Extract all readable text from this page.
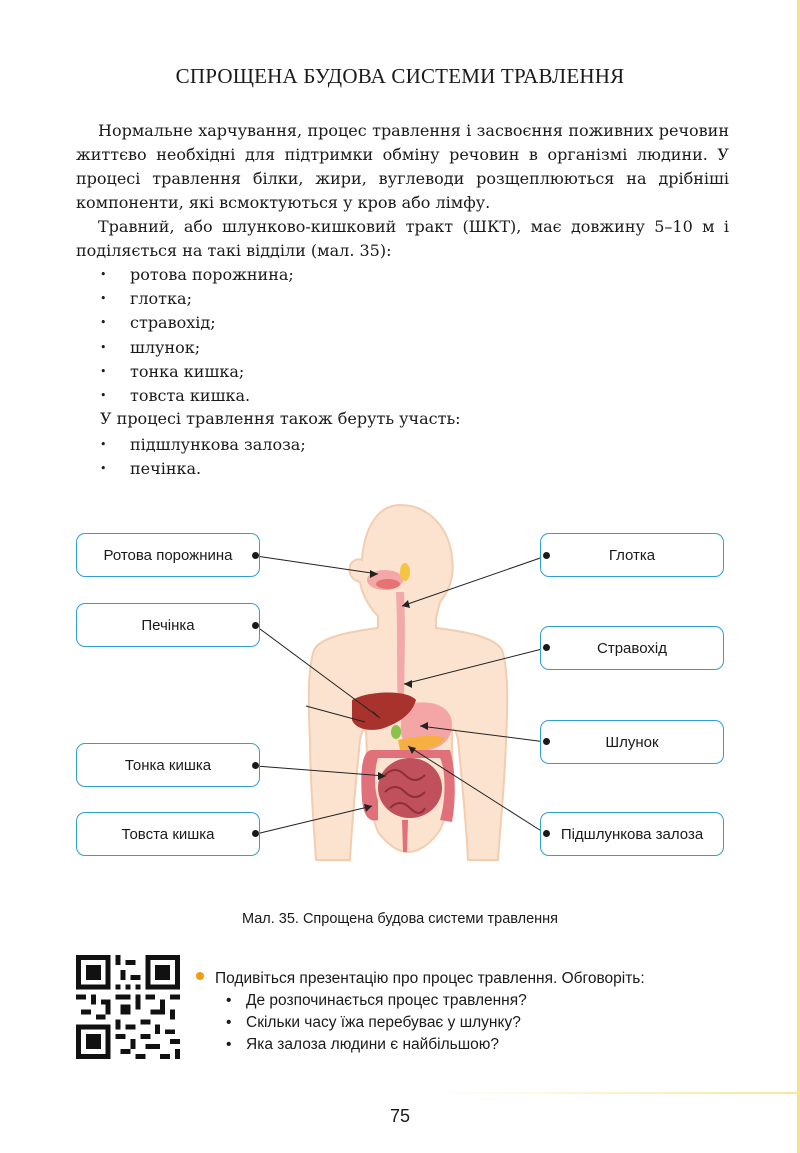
СПРОЩЕНА БУДОВА СИСТЕМИ ТРАВЛЕННЯ

Нормальне харчування, процес травлення і засвоєння поживних речовин життєво необхідні для підтримки обміну речовин в організмі людини. У процесі травлення білки, жири, вуглеводи розщеплюються на дрібніші компоненти, які всмоктуються у кров або лімфу.

Травний, або шлунково-кишковий тракт (ШКТ), має довжину 5–10 м і поділяється на такі відділи (мал. 35):

• ротова порожнина;
• глотка;
• стравохід;
• шлунок;
• тонка кишка;
• товста кишка.
У процесі травлення також беруть участь:
• підшлункова залоза;
• печінка.
Ротова порожнина
Печінка
Тонка кишка
Товста кишка
Глотка
Стравохід
Шлунок
Підшлункова залоза
Мал. 35. Спрощена будова системи травлення
Подивіться презентацію про процес травлення. Обговоріть:
• Де розпочинається процес травлення?
• Скільки часу їжа перебуває у шлунку?
• Яка залоза людини є найбільшою?
75
